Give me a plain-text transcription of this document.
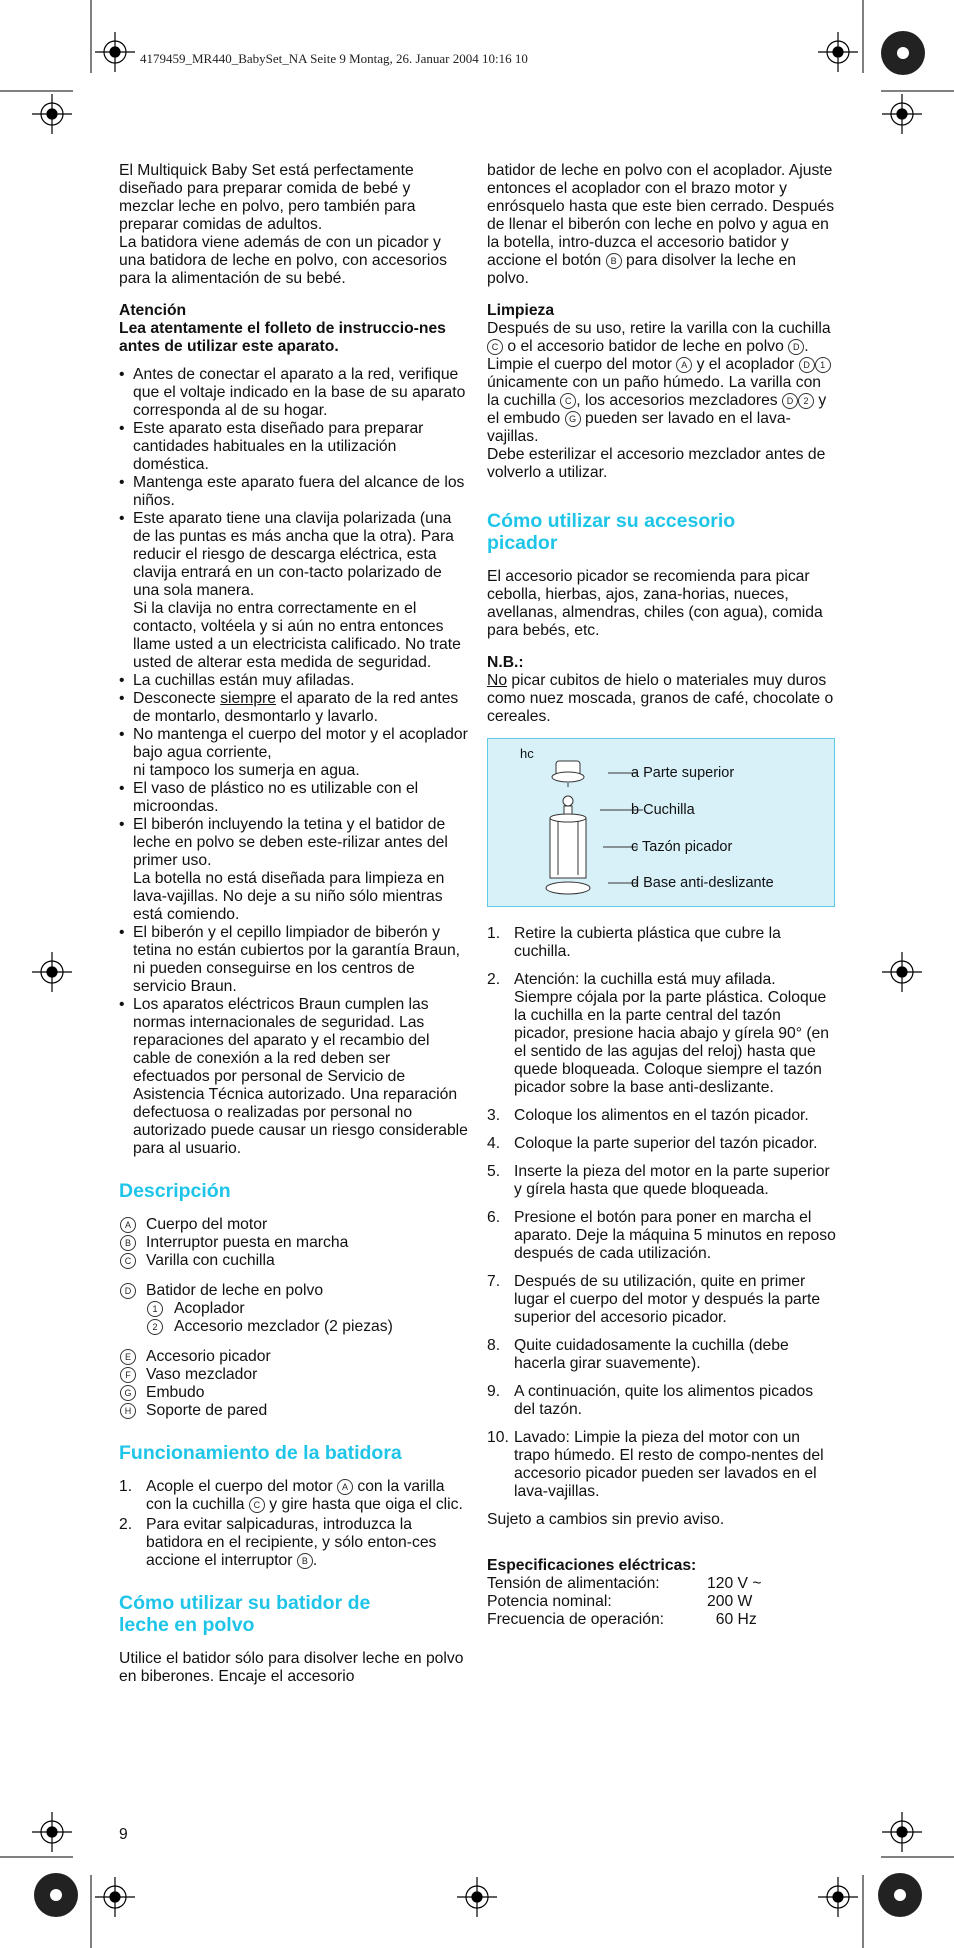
4179459_MR440_BabySet_NA Seite 9 Montag, 26. Januar 2004 10:16 10

El Multiquick Baby Set está perfectamente diseñado para preparar comida de bebé y mezclar leche en polvo, pero también para preparar comidas de adultos.

La batidora viene además de con un picador y una batidora de leche en polvo, con accesorios para la alimentación de su bebé.

Atención

Lea atentamente el folleto de instruccio-nes antes de utilizar este aparato.

• Antes de conectar el aparato a la red, verifique que el voltaje indicado en la base de su aparato corresponda al de su hogar.
• Este aparato esta diseñado para preparar cantidades habituales en la utilización doméstica.
• Mantenga este aparato fuera del alcance de los niños.
• Este aparato tiene una clavija polarizada (una de las puntas es más ancha que la otra). Para reducir el riesgo de descarga eléctrica, esta clavija entrará en un con-tacto polarizado de una sola manera.
Si la clavija no entra correctamente en el contacto, voltéela y si aún no entra entonces llame usted a un electricista calificado. No trate usted de alterar esta medida de seguridad.
• La cuchillas están muy afiladas.
• Desconecte siempre el aparato de la red antes de montarlo, desmontarlo y lavarlo.
• No mantenga el cuerpo del motor y el acoplador bajo agua corriente,
ni tampoco los sumerja en agua.
• El vaso de plástico no es utilizable con el microondas.
• El biberón incluyendo la tetina y el batidor de leche en polvo se deben este-rilizar antes del primer uso.
La botella no está diseñada para limpieza en lava-vajillas. No deje a su niño sólo mientras está comiendo.
• El biberón y el cepillo limpiador de biberón y tetina no están cubiertos por la garantía Braun, ni pueden conseguirse en los centros de servicio Braun.
• Los aparatos eléctricos Braun cumplen las normas internacionales de seguridad. Las reparaciones del aparato y el recambio del cable de conexión a la red deben ser efectuados por personal de Servicio de Asistencia Técnica autorizado. Una reparación defectuosa o realizadas por personal no autorizado puede causar un riesgo considerable para al usuario.
Descripción
A Cuerpo del motor
B Interruptor puesta en marcha
C Varilla con cuchilla
D Batidor de leche en polvo
1	Acoplador
2	Accesorio mezclador (2 piezas)
E Accesorio picador
F Vaso mezclador
G Embudo
H Soporte de pared
Funcionamiento de la batidora
1. Acople el cuerpo del motor A con la varilla con la cuchilla C y gire hasta que oiga el clic.
2. Para evitar salpicaduras, introduzca la batidora en el recipiente, y sólo enton-ces accione el interruptor B .
Cómo utilizar su batidor de leche en polvo

Utilice el batidor sólo para disolver leche en polvo en biberones. Encaje el accesorio

batidor de leche en polvo con el acoplador. Ajuste entonces el acoplador con el brazo motor y enrósquelo hasta que este bien cerrado. Después de llenar el biberón con leche en polvo y agua en la botella, intro-duzca el accesorio batidor y accione el botón B para disolver la leche en polvo.

Limpieza

Después de su uso, retire la varilla con la cuchilla C o el accesorio batidor de leche en polvo D . Limpie el cuerpo del motor A y el acoplador D 1 únicamente con un paño húmedo. La varilla con la cuchilla C , los accesorios mezcladores D 2 y el embudo G pueden ser lavado en el lava-vajillas.

Debe esterilizar el accesorio mezclador antes de volverlo a utilizar.

Cómo utilizar su accesorio picador

El accesorio picador se recomienda para picar cebolla, hierbas, ajos, zana-horias, nueces, avellanas, almendras, chiles (con agua), comida para bebés, etc.

N.B.:

No picar cubitos de hielo o materiales muy duros como nuez moscada, granos de café, chocolate o cereales.

hc
a Parte superior
b Cuchilla
c Tazón picador
d Base anti-deslizante
1. Retire la cubierta plástica que cubre la cuchilla.
2. Atención: la cuchilla está muy afilada. Siempre cójala por la parte plástica. Coloque la cuchilla en la parte central del tazón picador, presione hacia abajo y gírela 90° (en el sentido de las agujas del reloj) hasta que quede bloqueada. Coloque siempre el tazón picador sobre la base anti-deslizante.
3. Coloque los alimentos en el tazón picador.
4. Coloque la parte superior del tazón picador.
5. Inserte la pieza del motor en la parte superior y gírela hasta que quede bloqueada.
6. Presione el botón para poner en marcha el aparato. Deje la máquina 5 minutos en reposo después de cada utilización.
7. Después de su utilización, quite en primer lugar el cuerpo del motor y después la parte superior del accesorio picador.
8. Quite cuidadosamente la cuchilla (debe hacerla girar suavemente).
9. A continuación, quite los alimentos picados del tazón.
10. Lavado: Limpie la pieza del motor con un trapo húmedo. El resto de compo-nentes del accesorio picador pueden ser lavados en el lava-vajillas.

Sujeto a cambios sin previo aviso.

Especificaciones eléctricas:

Tensión de alimentación:	120 V ~
Potencia nominal:	200 W
Frecuencia de operación:	60 Hz
9
